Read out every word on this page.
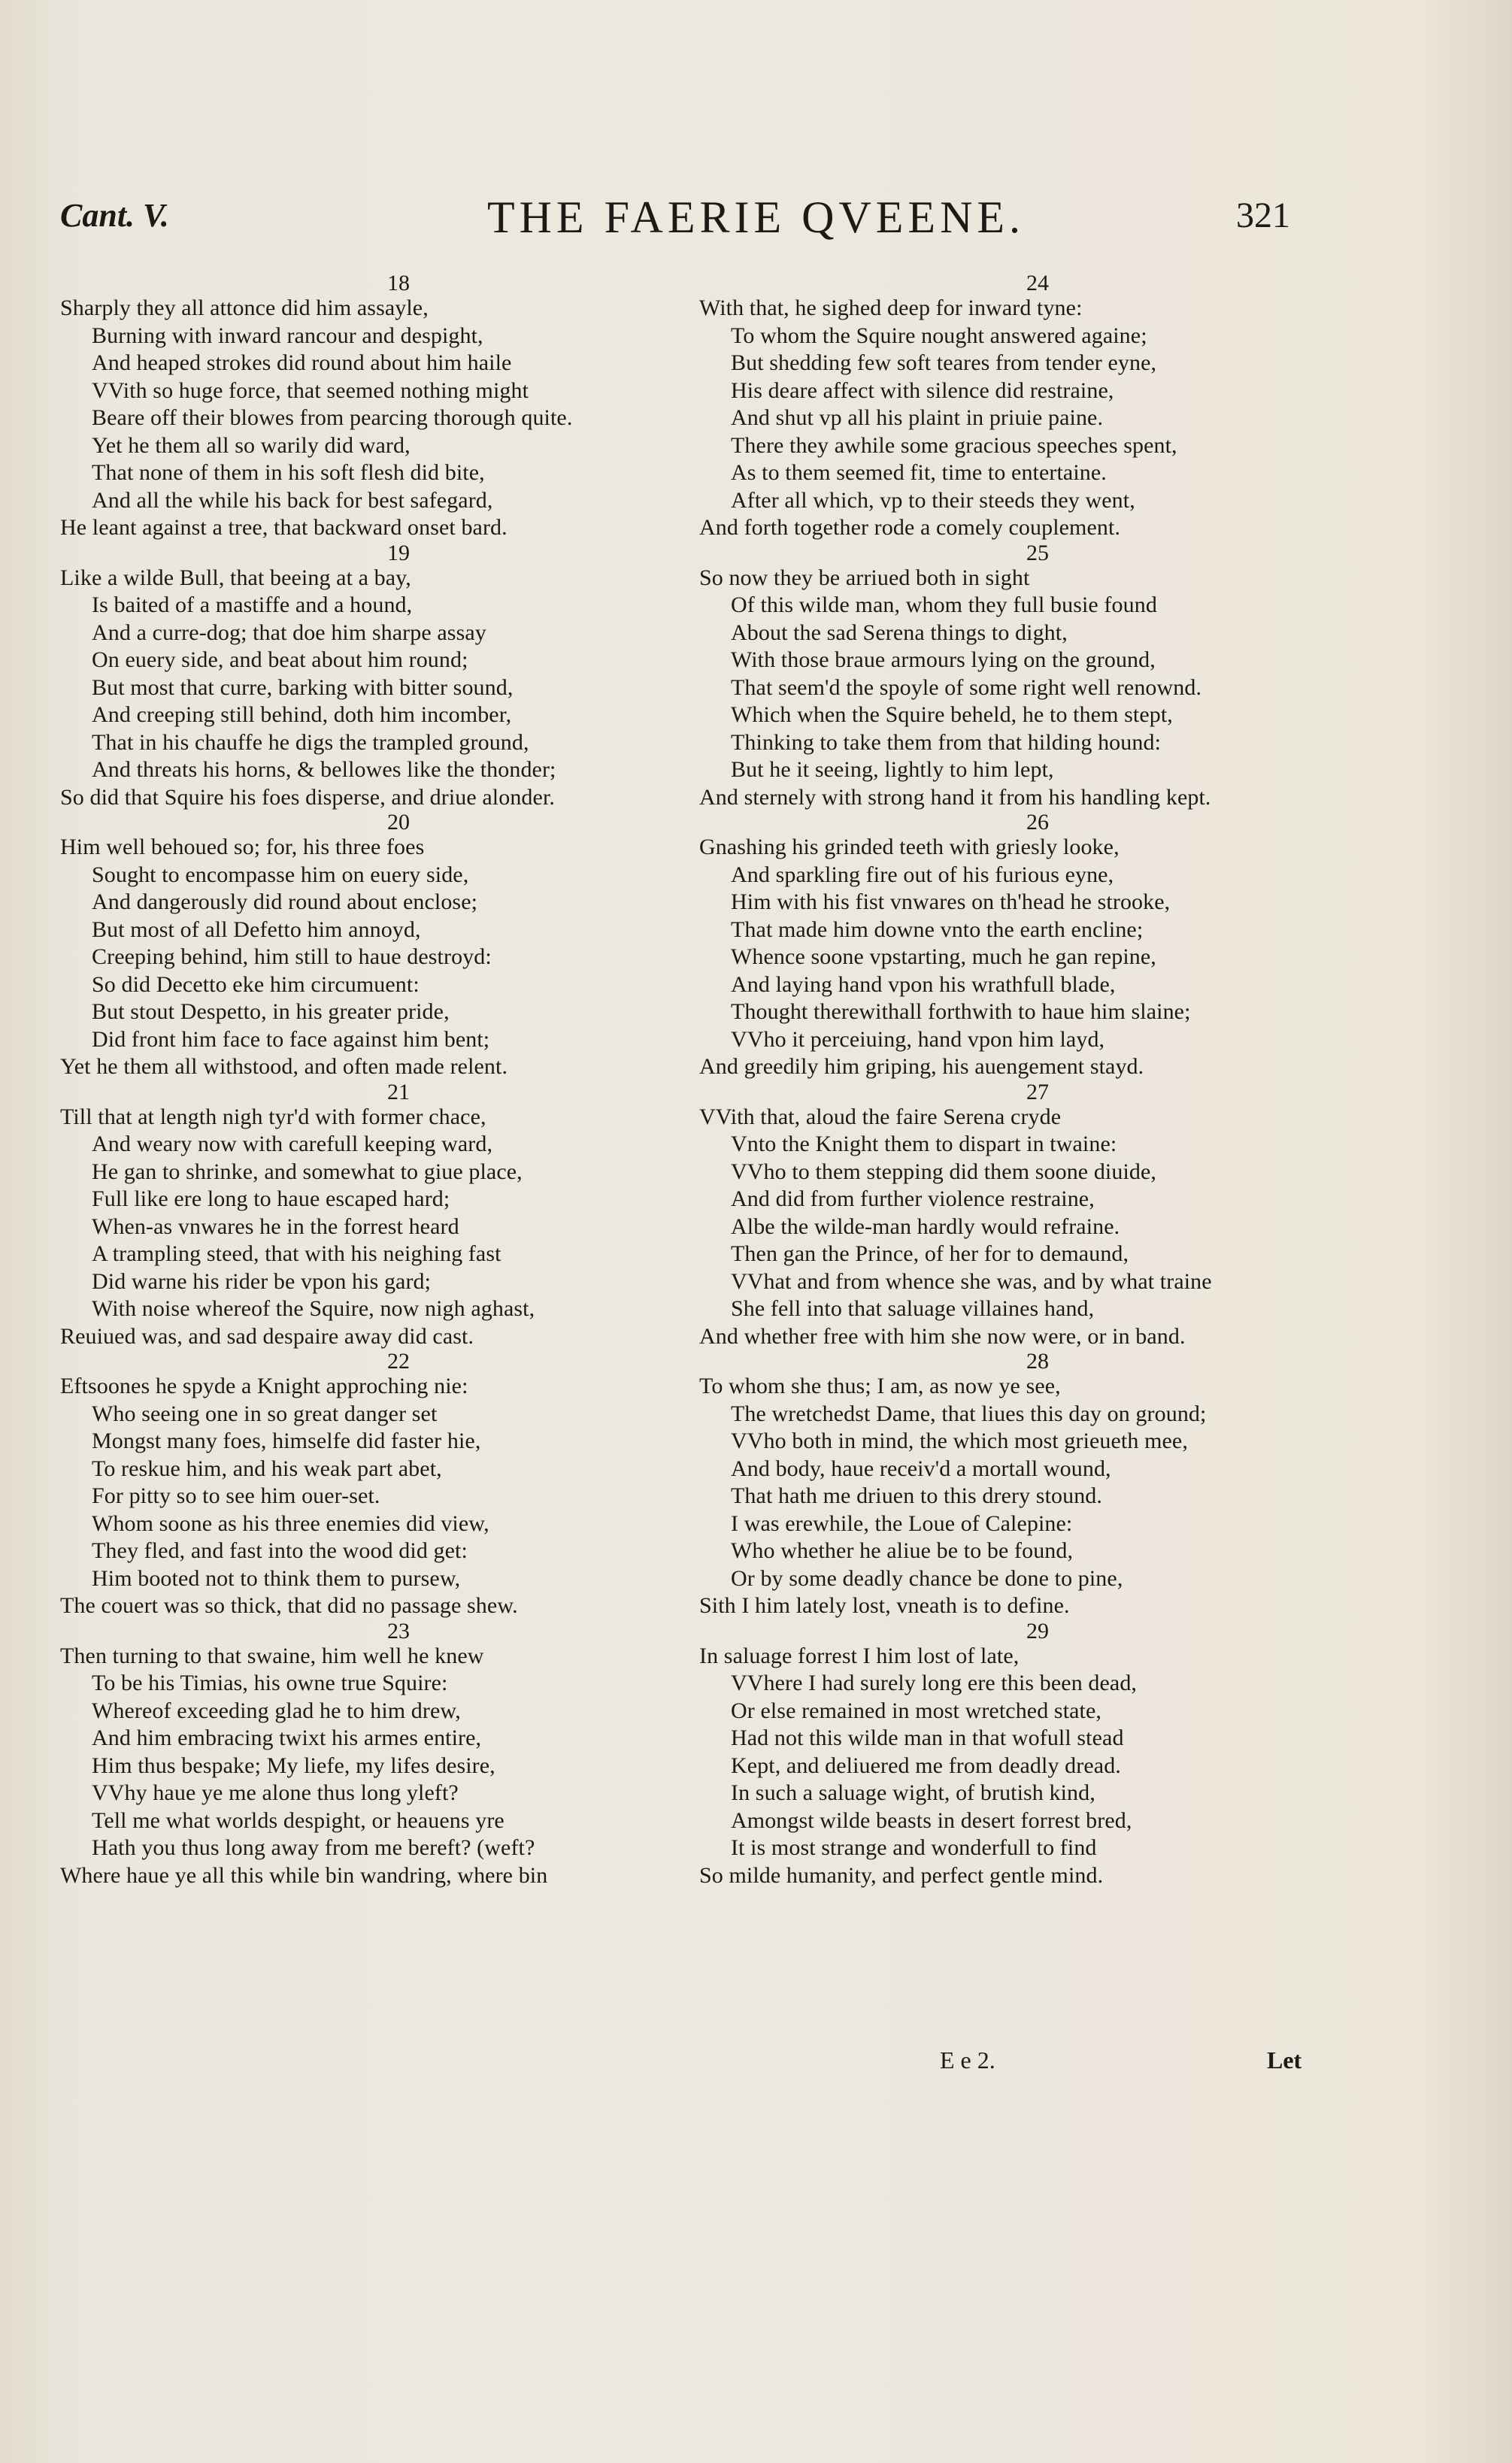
Cant. V.	THE FAERIE QVEENE.	321
18
Sharply they all attonce did him assayle,
Burning with inward rancour and despight,
And heaped strokes did round about him haile
VVith so huge force, that seemed nothing might
Beare off their blowes from pearcing thorough quite.
Yet he them all so warily did ward,
That none of them in his soft flesh did bite,
And all the while his back for best safegard,
He leant against a tree, that backward onset bard.
19
Like a wilde Bull, that beeing at a bay,
Is baited of a mastiffe and a hound,
And a curre-dog; that doe him sharpe assay
On euery side, and beat about him round;
But most that curre, barking with bitter sound,
And creeping still behind, doth him incomber,
That in his chauffe he digs the trampled ground,
And threats his horns, & bellowes like the thonder;
So did that Squire his foes disperse, and driue alonder.
20
Him well behoued so; for, his three foes
Sought to encompasse him on euery side,
And dangerously did round about enclose;
But most of all Defetto him annoyd,
Creeping behind, him still to haue destroyd:
So did Decetto eke him circumuent:
But stout Despetto, in his greater pride,
Did front him face to face against him bent;
Yet he them all withstood, and often made relent.
21
Till that at length nigh tyr'd with former chace,
And weary now with carefull keeping ward,
He gan to shrinke, and somewhat to giue place,
Full like ere long to haue escaped hard;
When-as vnwares he in the forrest heard
A trampling steed, that with his neighing fast
Did warne his rider be vpon his gard;
With noise whereof the Squire, now nigh aghast,
Reuiued was, and sad despaire away did cast.
22
Eftsoones he spyde a Knight approching nie:
Who seeing one in so great danger set
Mongst many foes, himselfe did faster hie,
To reskue him, and his weak part abet,
For pitty so to see him ouer-set.
Whom soone as his three enemies did view,
They fled, and fast into the wood did get:
Him booted not to think them to pursew,
The couert was so thick, that did no passage shew.
23
Then turning to that swaine, him well he knew
To be his Timias, his owne true Squire:
Whereof exceeding glad he to him drew,
And him embracing twixt his armes entire,
Him thus bespake; My liefe, my lifes desire,
VVhy haue ye me alone thus long yleft?
Tell me what worlds despight, or heauens yre
Hath you thus long away from me bereft? (weft?
Where haue ye all this while bin wandring, where bin
24
With that, he sighed deep for inward tyne:
To whom the Squire nought answered againe;
But shedding few soft teares from tender eyne,
His deare affect with silence did restraine,
And shut vp all his plaint in priuie paine.
There they awhile some gracious speeches spent,
As to them seemed fit, time to entertaine.
After all which, vp to their steeds they went,
And forth together rode a comely couplement.
25
So now they be arriued both in sight
Of this wilde man, whom they full busie found
About the sad Serena things to dight,
With those braue armours lying on the ground,
That seem'd the spoyle of some right well renownd.
Which when the Squire beheld, he to them stept,
Thinking to take them from that hilding hound:
But he it seeing, lightly to him lept,
And sternely with strong hand it from his handling kept.
26
Gnashing his grinded teeth with griesly looke,
And sparkling fire out of his furious eyne,
Him with his fist vnwares on th'head he strooke,
That made him downe vnto the earth encline;
Whence soone vpstarting, much he gan repine,
And laying hand vpon his wrathfull blade,
Thought therewithall forthwith to haue him slaine;
VVho it perceiuing, hand vpon him layd,
And greedily him griping, his auengement stayd.
27
VVith that, aloud the faire Serena cryde
Vnto the Knight them to dispart in twaine:
VVho to them stepping did them soone diuide,
And did from further violence restraine,
Albe the wilde-man hardly would refraine.
Then gan the Prince, of her for to demaund,
VVhat and from whence she was, and by what traine
She fell into that saluage villaines hand,
And whether free with him she now were, or in band.
28
To whom she thus; I am, as now ye see,
The wretchedst Dame, that liues this day on ground;
VVho both in mind, the which most grieueth mee,
And body, haue receiv'd a mortall wound,
That hath me driuen to this drery stound.
I was erewhile, the Loue of Calepine:
Who whether he aliue be to be found,
Or by some deadly chance be done to pine,
Sith I him lately lost, vneath is to define.
29
In saluage forrest I him lost of late,
VVhere I had surely long ere this been dead,
Or else remained in most wretched state,
Had not this wilde man in that wofull stead
Kept, and deliuered me from deadly dread.
In such a saluage wight, of brutish kind,
Amongst wilde beasts in desert forrest bred,
It is most strange and wonderfull to find
So milde humanity, and perfect gentle mind.
E e 2.	Let
